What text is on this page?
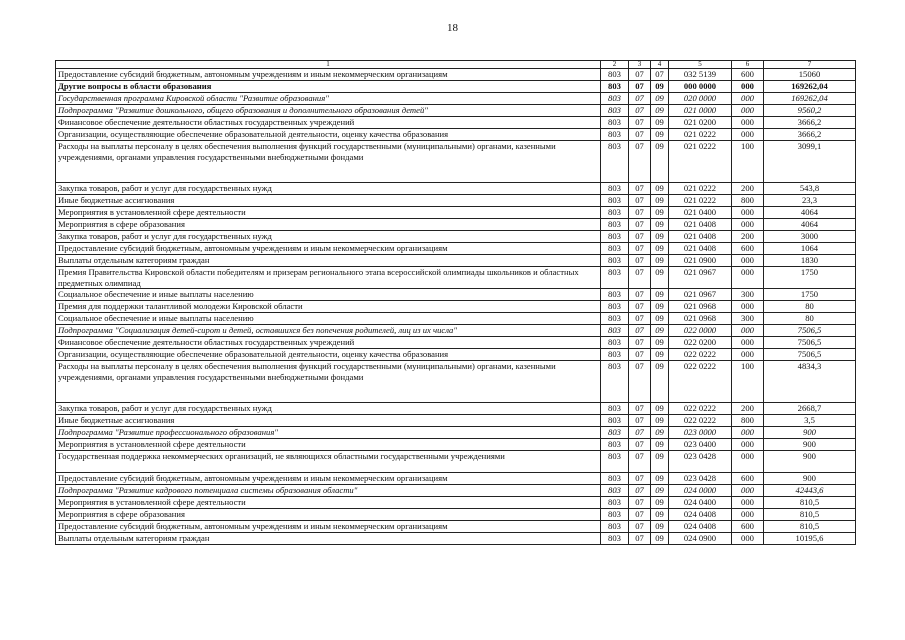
18
1	2	3	4	5	6	7
Предоставление субсидий бюджетным, автономным учреждениям и иным некоммерческим организациям	803	07	07	032 5139	600	15060
Другие вопросы в области образования	803	07	09	000 0000	000	169262,04
Государственная программа Кировской области "Развитие образования"	803	07	09	020 0000	000	169262,04
Подпрограмма "Развитие дошкольного, общего образования и дополнительного образования детей"	803	07	09	021 0000	000	9560,2
Финансовое обеспечение деятельности областных государственных учреждений	803	07	09	021 0200	000	3666,2
Организации, осуществляющие обеспечение образовательной деятельности, оценку качества образования	803	07	09	021 0222	000	3666,2
Расходы на выплаты персоналу в целях обеспечения выполнения функций государственными (муниципальными) органами, казенными учреждениями, органами управления государственными внебюджетными фондами	803	07	09	021 0222	100	3099,1
Закупка товаров, работ и услуг для государственных нужд	803	07	09	021 0222	200	543,8
Иные бюджетные ассигнования	803	07	09	021 0222	800	23,3
Мероприятия в установленной сфере деятельности	803	07	09	021 0400	000	4064
Мероприятия в сфере образования	803	07	09	021 0408	000	4064
Закупка товаров, работ и услуг для государственных нужд	803	07	09	021 0408	200	3000
Предоставление субсидий бюджетным, автономным учреждениям и иным некоммерческим организациям	803	07	09	021 0408	600	1064
Выплаты отдельным категориям граждан	803	07	09	021 0900	000	1830
Премия Правительства Кировской области победителям и призерам регионального этапа всероссийской олимпиады школьников и областных предметных олимпиад	803	07	09	021 0967	000	1750
Социальное обеспечение и иные выплаты населению	803	07	09	021 0967	300	1750
Премия для поддержки талантливой молодежи Кировской области	803	07	09	021 0968	000	80
Социальное обеспечение и иные выплаты населению	803	07	09	021 0968	300	80
Подпрограмма "Социализация детей-сирот и детей, оставшихся без попечения родителей, лиц из их числа"	803	07	09	022 0000	000	7506,5
Финансовое обеспечение деятельности областных государственных учреждений	803	07	09	022 0200	000	7506,5
Организации, осуществляющие обеспечение образовательной деятельности, оценку качества образования	803	07	09	022 0222	000	7506,5
Расходы на выплаты персоналу в целях обеспечения выполнения функций государственными (муниципальными) органами, казенными учреждениями, органами управления государственными внебюджетными фондами	803	07	09	022 0222	100	4834,3
Закупка товаров, работ и услуг для государственных нужд	803	07	09	022 0222	200	2668,7
Иные бюджетные ассигнования	803	07	09	022 0222	800	3,5
Подпрограмма "Развитие профессионального образования"	803	07	09	023 0000	000	900
Мероприятия в установленной сфере деятельности	803	07	09	023 0400	000	900
Государственная поддержка некоммерческих организаций, не являющихся областными государственными учреждениями	803	07	09	023 0428	000	900
Предоставление субсидий бюджетным, автономным учреждениям и иным некоммерческим организациям	803	07	09	023 0428	600	900
Подпрограмма "Развитие кадрового потенциала системы образования области"	803	07	09	024 0000	000	42443,6
Мероприятия в установленной сфере деятельности	803	07	09	024 0400	000	810,5
Мероприятия в сфере образования	803	07	09	024 0408	000	810,5
Предоставление субсидий бюджетным, автономным учреждениям и иным некоммерческим организациям	803	07	09	024 0408	600	810,5
Выплаты отдельным категориям граждан	803	07	09	024 0900	000	10195,6
